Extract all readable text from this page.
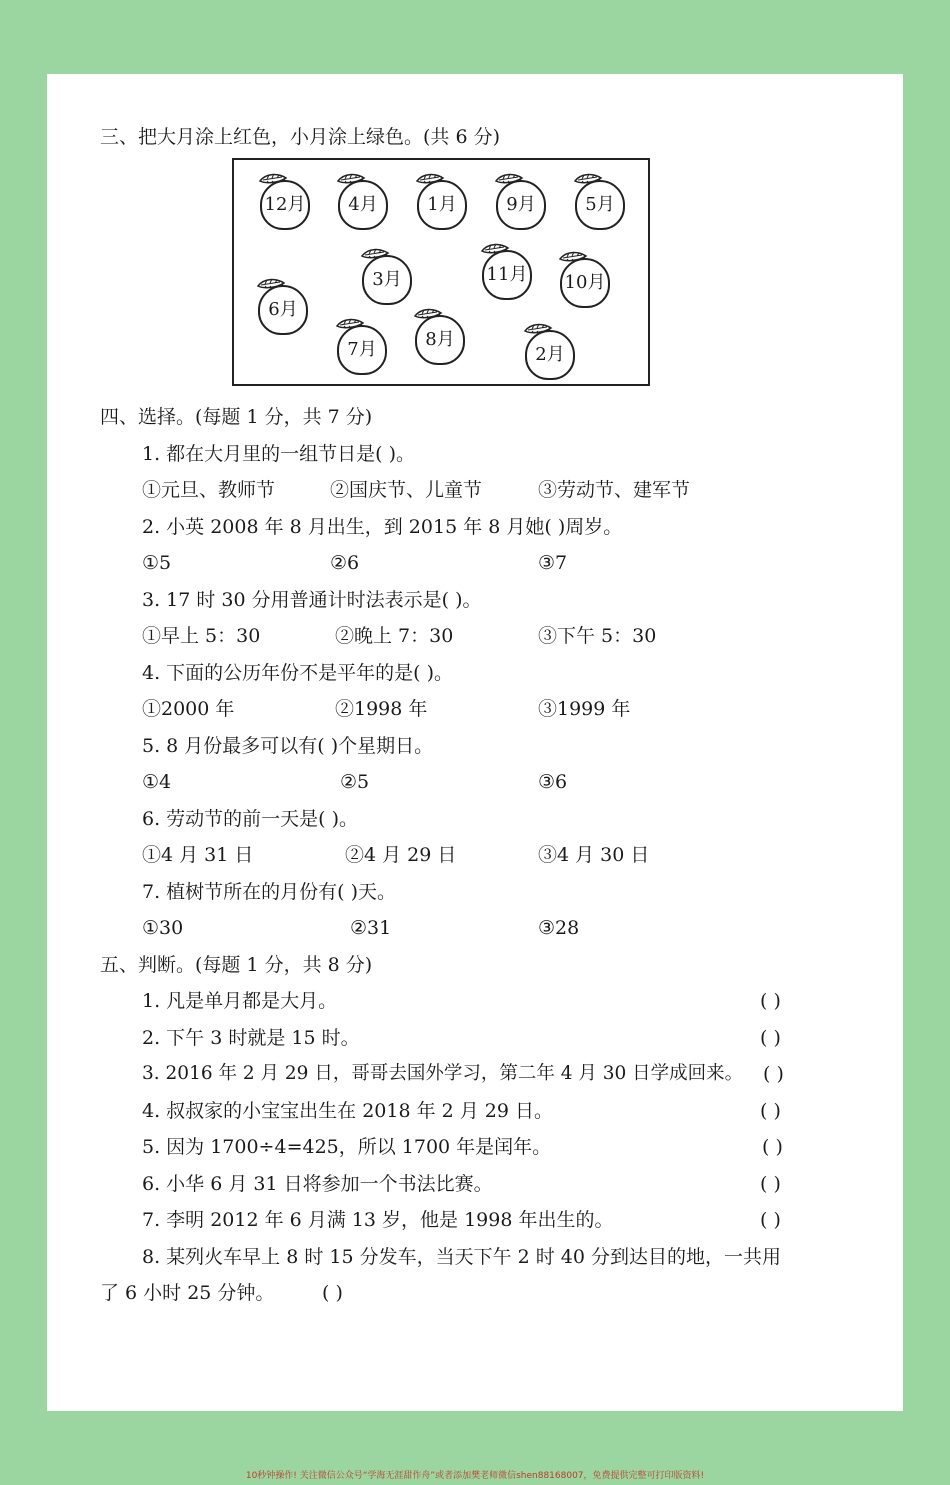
三、把大月涂上红色，小月涂上绿色。(共 6 分)
12月	4月	1月	9月	5月
3月	11月 10月
6月
7月	8月
2月
四、选择。(每题 1 分，共 7 分)
1. 都在大月里的一组节日是( )。
①元旦、教师节	②国庆节、儿童节	③劳动节、建军节
2. 小英 2008 年 8 月出生，到 2015 年 8 月她( )周岁。
①5	②6	③7
3. 17 时 30 分用普通计时法表示是( )。
①早上 5：30	②晚上 7：30	③下午 5：30
4. 下面的公历年份不是平年的是( )。
①2000 年	②1998 年	③1999 年
5. 8 月份最多可以有( )个星期日。
①4	②5	③6
6. 劳动节的前一天是( )。
①4 月 31 日	②4 月 29 日	③4 月 30 日
7. 植树节所在的月份有( )天。
①30	②31	③28
五、判断。(每题 1 分，共 8 分)
1. 凡是单月都是大月。	( )
2. 下午 3 时就是 15 时。	( )
3. 2016 年 2 月 29 日，哥哥去国外学习，第二年 4 月 30 日学成回来。 ( )
4. 叔叔家的小宝宝出生在 2018 年 2 月 29 日。	( )
5. 因为 1700÷4=425，所以 1700 年是闰年。	( )
6. 小华 6 月 31 日将参加一个书法比赛。	( )
7. 李明 2012 年 6 月满 13 岁，他是 1998 年出生的。	( )
8. 某列火车早上 8 时 15 分发车，当天下午 2 时 40 分到达目的地，一共用
了 6 小时 25 分钟。	( )
10秒钟操作! 关注微信公众号“学海无涯甜作舟”或者添加樊老师微信shen88168007，免费提供完整可打印版资料!
